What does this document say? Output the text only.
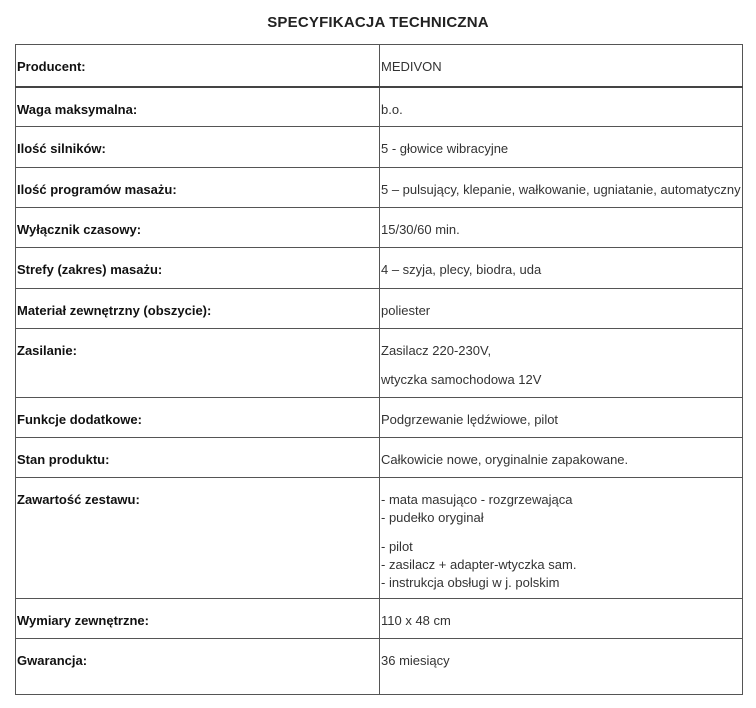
SPECYFIKACJA TECHNICZNA
Producent:	MEDIVON

Waga maksymalna:	b.o.

Ilość silników:	5 - głowice wibracyjne

Ilość programów masażu:	5 – pulsujący, klepanie, wałkowanie, ugniatanie, automatyczny

Wyłącznik czasowy:	15/30/60 min.

Strefy (zakres) masażu:	4 – szyja, plecy, biodra, uda

Materiał zewnętrzny (obszycie):	poliester

Zasilanie:	Zasilacz 220-230V,
wtyczka samochodowa 12V

Funkcje dodatkowe:	Podgrzewanie lędźwiowe, pilot

Stan produktu:	Całkowicie nowe, oryginalnie zapakowane.

Zawartość zestawu:	- mata masująco - rozgrzewająca
- pudełko oryginał
- pilot
- zasilacz + adapter-wtyczka sam.
- instrukcja obsługi w j. polskim

Wymiary zewnętrzne:	110 x 48 cm

Gwarancja:	36 miesiący
